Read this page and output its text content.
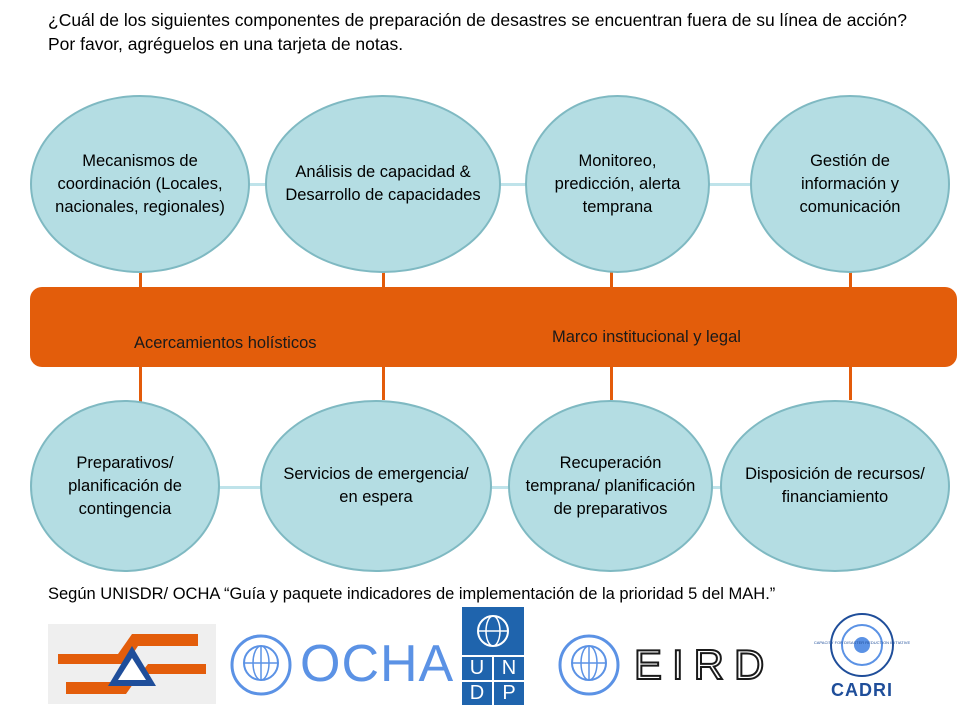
¿Cuál de los siguientes componentes de preparación de desastres se encuentran fuera de su línea de acción? Por favor, agréguelos en una tarjeta de notas.

Acercamientos holísticos	Marco institucional y legal
Mecanismos de coordinación (Locales, nacionales, regionales)
Análisis de capacidad & Desarrollo de capacidades
Monitoreo, predicción, alerta temprana
Gestión de información y comunicación
Preparativos/ planificación de contingencia
Servicios de emergencia/ en espera
Recuperación temprana/ planificación de preparativos
Disposición de recursos/ financiamiento

Según UNISDR/ OCHA “Guía y paquete indicadores de implementación de la prioridad 5 del MAH.”

OCHA U N
D P
EIRD	CAPACITY FOR DISASTER REDUCTION INITIATIVE
CADRI
